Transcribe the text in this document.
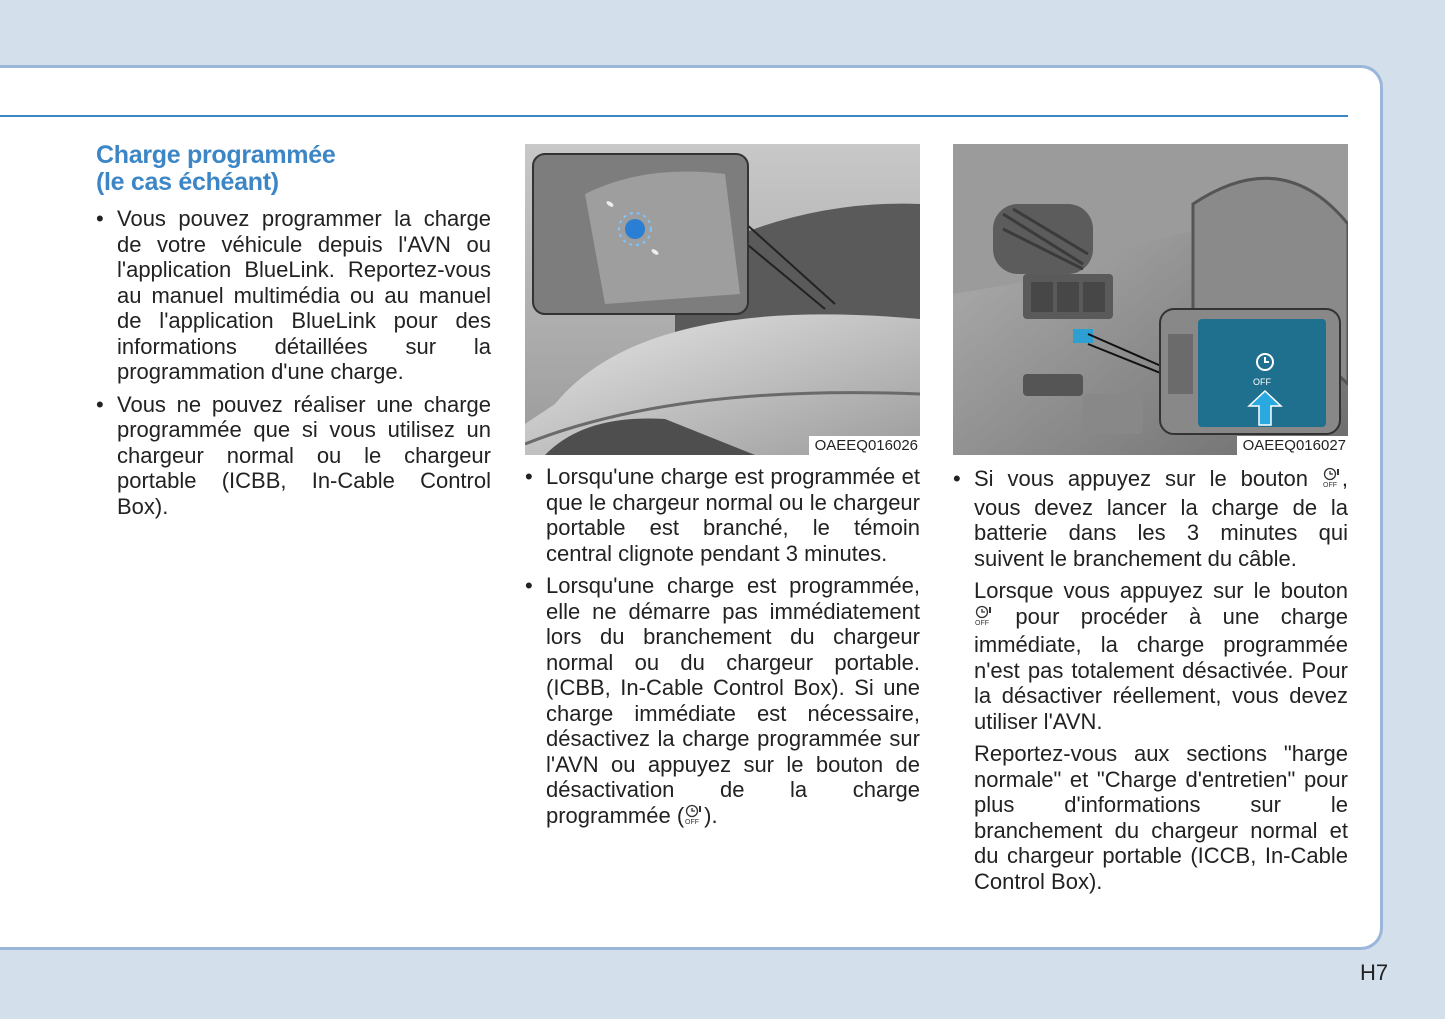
Charge programmée
(le cas échéant)

• Vous pouvez programmer la charge de votre véhicule depuis l'AVN ou l'application BlueLink. Reportez-vous au manuel multimédia ou au manuel de l'application BlueLink pour des informations détaillées sur la programmation d'une charge.

• Vous ne pouvez réaliser une charge programmée que si vous utilisez un chargeur normal ou le chargeur portable (ICBB, In-Cable Control Box).

OAEEQ016026

• Lorsqu'une charge est programmée et que le chargeur normal ou le chargeur portable est branché, le témoin central clignote pendant 3 minutes.

• Lorsqu'une charge est programmée, elle ne démarre pas immédiatement lors du branchement du chargeur normal ou du chargeur portable. (ICBB, In-Cable Control Box). Si une charge immédiate est nécessaire, désactivez la charge programmée sur l'AVN ou appuyez sur le bouton de désactivation de la charge programmée ( OFF ).

OFF
OAEEQ016027

• Si vous appuyez sur le bouton OFF , vous devez lancer la charge de la batterie dans les 3 minutes qui suivent le branchement du câble.

Lorsque vous appuyez sur le bouton
OFF pour procéder à une charge immédiate, la charge programmée n'est pas totalement désactivée. Pour la désactiver réellement, vous devez utiliser l'AVN.

Reportez-vous aux sections "harge normale" et "Charge d'entretien" pour plus d'informations sur le branchement du chargeur normal et du chargeur portable (ICCB, In-Cable Control Box).

H7
